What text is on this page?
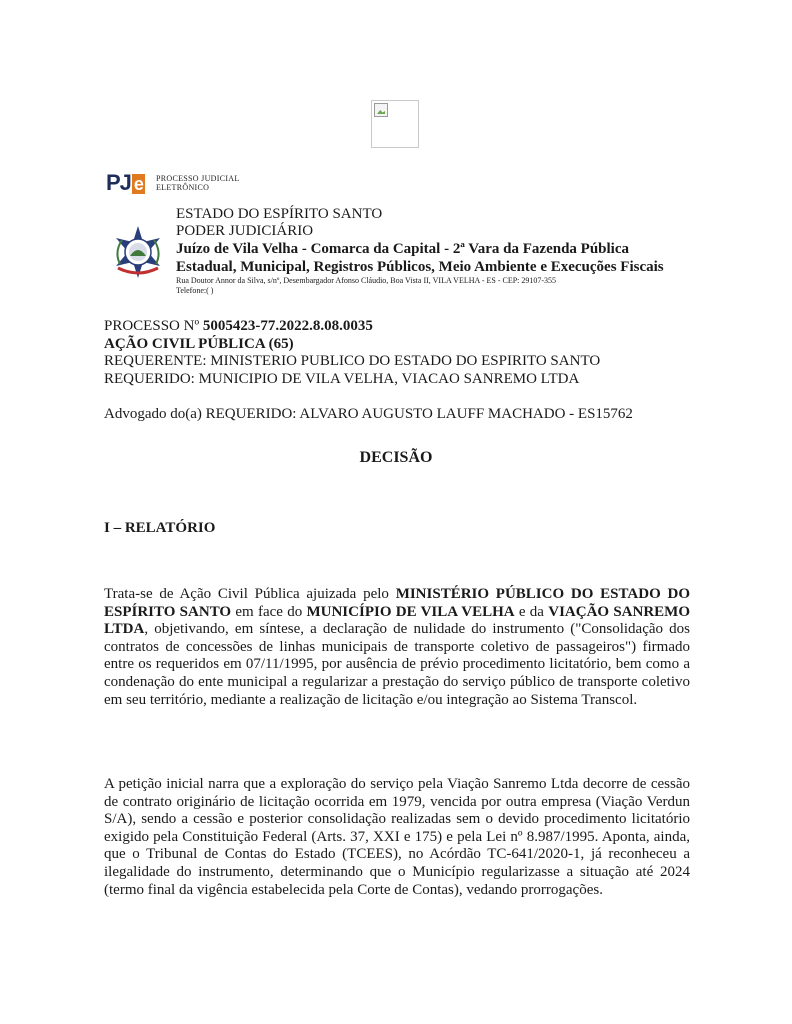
PJ e PROCESSO JUDICIAL
ELETRÔNICO
ESTADO DO ESPÍRITO SANTO
PODER JUDICIÁRIO
Juízo de Vila Velha - Comarca da Capital - 2ª Vara da Fazenda Pública
Estadual, Municipal, Registros Públicos, Meio Ambiente e Execuções Fiscais
Rua Doutor Annor da Silva, s/nº, Desembargador Afonso Cláudio, Boa Vista II, VILA VELHA - ES - CEP: 29107-355
Telefone:( )
PROCESSO Nº 5005423-77.2022.8.08.0035
AÇÃO CIVIL PÚBLICA (65)
REQUERENTE: MINISTERIO PUBLICO DO ESTADO DO ESPIRITO SANTO
REQUERIDO: MUNICIPIO DE VILA VELHA, VIACAO SANREMO LTDA
Advogado do(a) REQUERIDO: ALVARO AUGUSTO LAUFF MACHADO - ES15762
DECISÃO
I – RELATÓRIO
Trata-se de Ação Civil Pública ajuizada pelo MINISTÉRIO PÚBLICO DO ESTADO DO ESPÍRITO SANTO em face do MUNICÍPIO DE VILA VELHA e da VIAÇÃO SANREMO LTDA, objetivando, em síntese, a declaração de nulidade do instrumento ("Consolidação dos contratos de concessões de linhas municipais de transporte coletivo de passageiros") firmado entre os requeridos em 07/11/1995, por ausência de prévio procedimento licitatório, bem como a condenação do ente municipal a regularizar a prestação do serviço público de transporte coletivo em seu território, mediante a realização de licitação e/ou integração ao Sistema Transcol.
A petição inicial narra que a exploração do serviço pela Viação Sanremo Ltda decorre de cessão de contrato originário de licitação ocorrida em 1979, vencida por outra empresa (Viação Verdun S/A), sendo a cessão e posterior consolidação realizadas sem o devido procedimento licitatório exigido pela Constituição Federal (Arts. 37, XXI e 175) e pela Lei nº 8.987/1995. Aponta, ainda, que o Tribunal de Contas do Estado (TCEES), no Acórdão TC-641/2020-1, já reconheceu a ilegalidade do instrumento, determinando que o Município regularizasse a situação até 2024 (termo final da vigência estabelecida pela Corte de Contas), vedando prorrogações.
